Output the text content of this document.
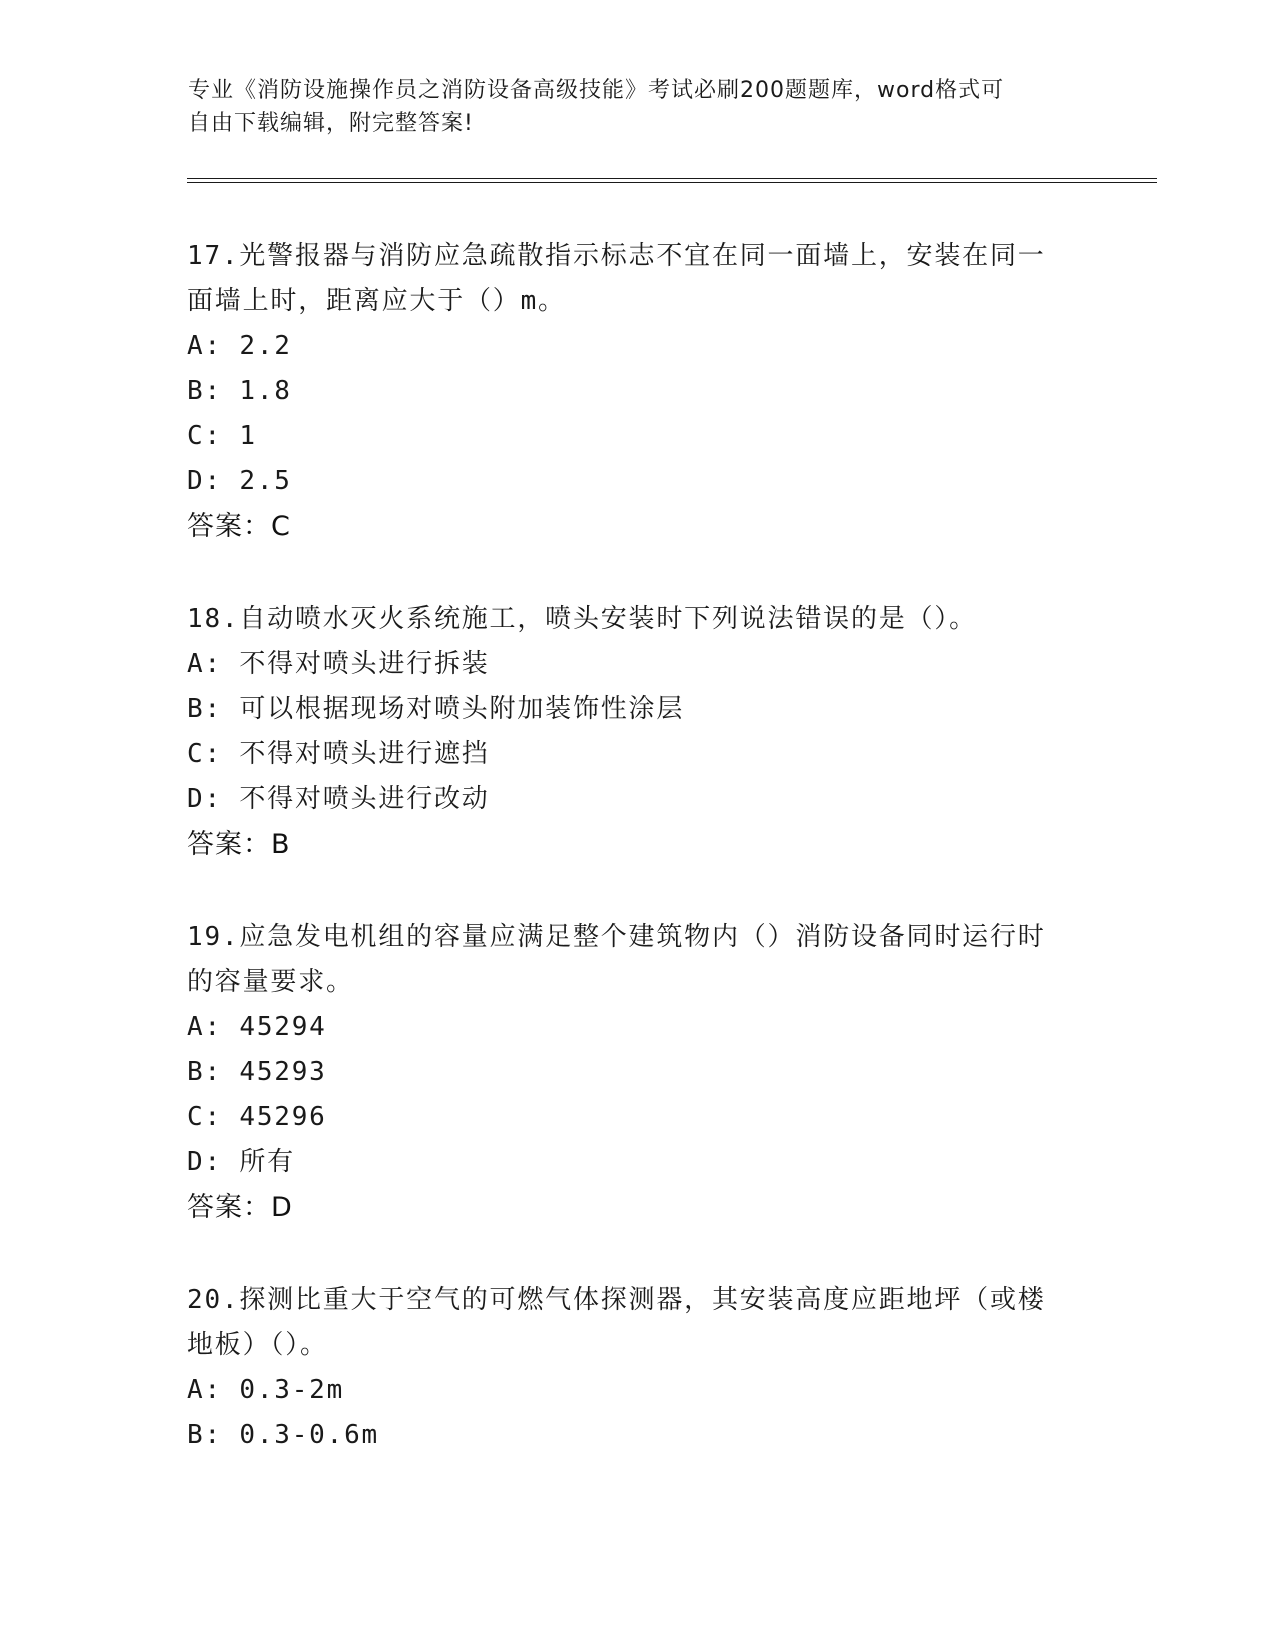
专业《消防设施操作员之消防设备高级技能》考试必刷200题题库，word格式可
自由下载编辑，附完整答案!

17.光警报器与消防应急疏散指示标志不宜在同一面墙上，安装在同一

面墙上时，距离应大于（）m。

A: 2.2

B: 1.8

C: 1

D: 2.5

答案：C

18.自动喷水灭火系统施工，喷头安装时下列说法错误的是（）。

A: 不得对喷头进行拆装

B: 可以根据现场对喷头附加装饰性涂层

C: 不得对喷头进行遮挡

D: 不得对喷头进行改动

答案：B

19.应急发电机组的容量应满足整个建筑物内（）消防设备同时运行时

的容量要求。

A: 45294

B: 45293

C: 45296

D: 所有

答案：D

20.探测比重大于空气的可燃气体探测器，其安装高度应距地坪（或楼

地板）（）。

A: 0.3-2m

B: 0.3-0.6m
